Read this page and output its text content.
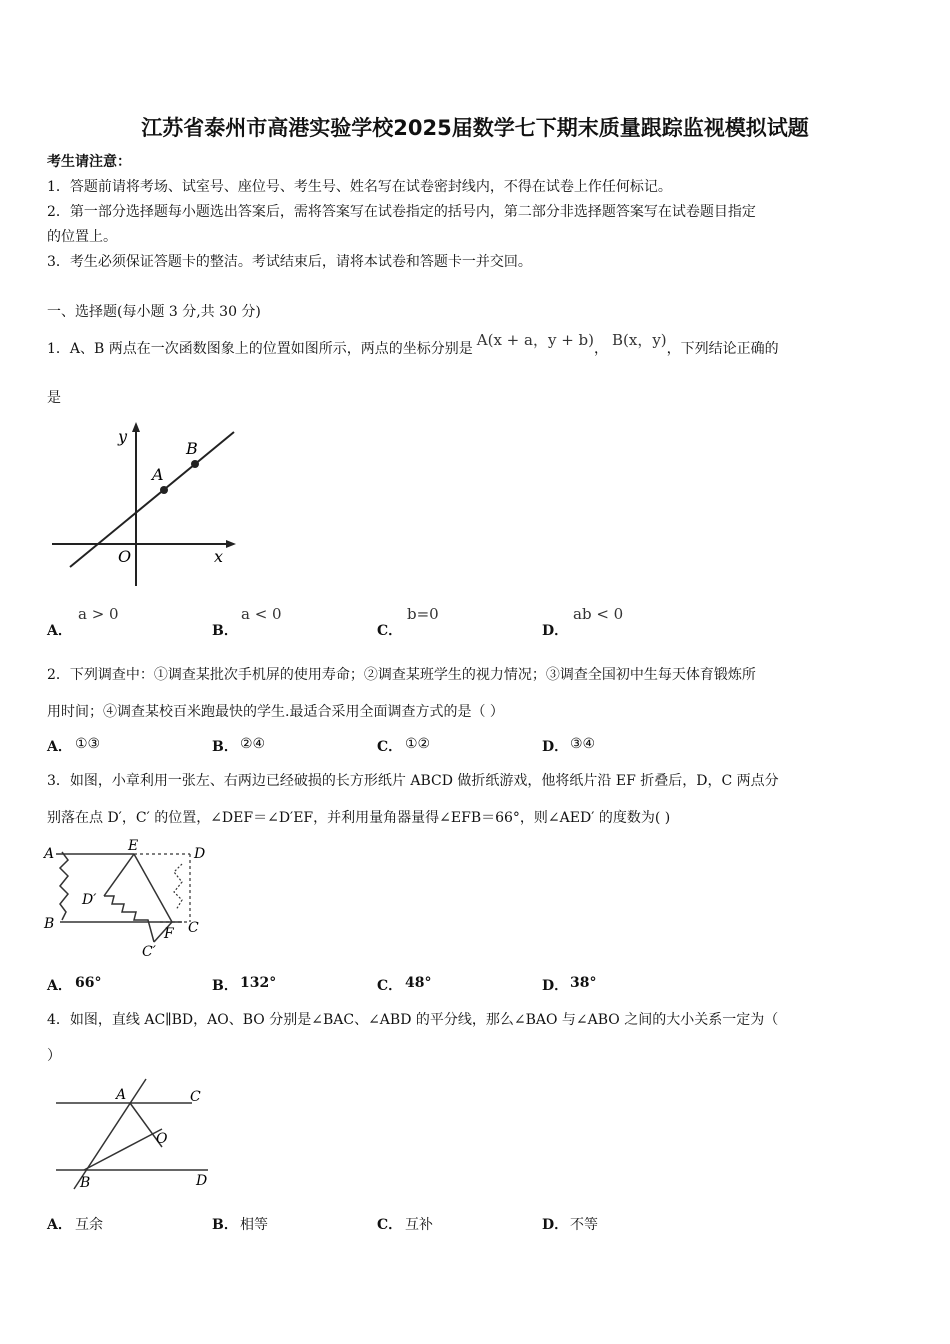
江苏省泰州市高港实验学校2025届数学七下期末质量跟踪监视模拟试题
考生请注意：
1．答题前请将考场、试室号、座位号、考生号、姓名写在试卷密封线内，不得在试卷上作任何标记。
2．第一部分选择题每小题选出答案后，需将答案写在试卷指定的括号内，第二部分非选择题答案写在试卷题目指定
的位置上。
3．考生必须保证答题卡的整洁。考试结束后，请将本试卷和答题卡一并交回。
一、选择题(每小题 3 分,共 30 分)
1．A、B 两点在一次函数图象上的位置如图所示，两点的坐标分别是 A(x + a，y + b)， B(x，y)，下列结论正确的
是
y
x
O
A
B
A．
a > 0
B．
a < 0
C．
b=0
D．
ab < 0
2．下列调查中：①调查某批次手机屏的使用寿命；②调查某班学生的视力情况；③调查全国初中生每天体育锻炼所
用时间；④调查某校百米跑最快的学生.最适合采用全面调查方式的是（ ）
A． ①③	B． ②④	C． ①②	D． ③④
3．如图，小章利用一张左、右两边已经破损的长方形纸片 ABCD 做折纸游戏，他将纸片沿 EF 折叠后，D，C 两点分
别落在点 D′，C′ 的位置，∠DEF＝∠D′EF，并利用量角器量得∠EFB＝66°，则∠AED′ 的度数为( )
A
B	C
D
E
F
D′
C′
A． 66°	B． 132°	C． 48°	D． 38°
4．如图，直线 AC∥BD，AO、BO 分别是∠BAC、∠ABD 的平分线，那么∠BAO 与∠ABO 之间的大小关系一定为（
）
A
B
C
D
O
A． 互余	B． 相等	C． 互补	D． 不等
